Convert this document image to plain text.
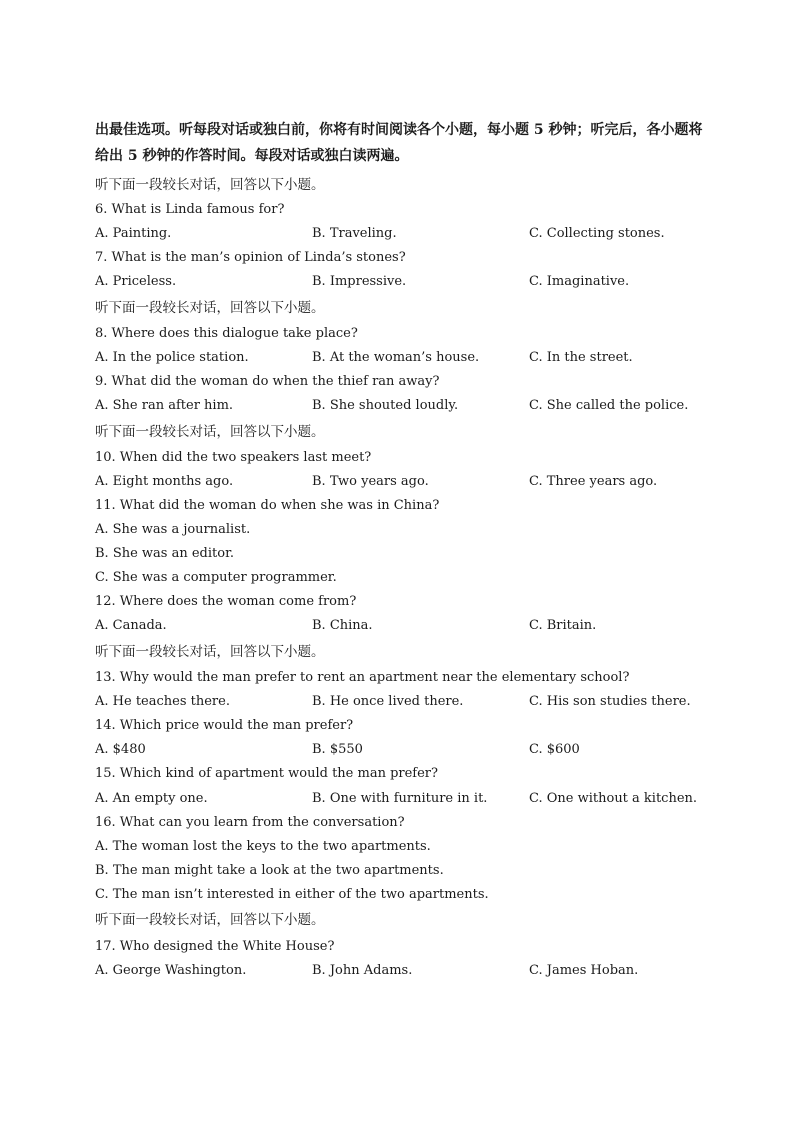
出最佳选项。听每段对话或独白前，你将有时间阅读各个小题，每小题 5 秒钟；听完后，各小题将
给出 5 秒钟的作答时间。每段对话或独白读两遍。
听下面一段较长对话，回答以下小题。
6. What is Linda famous for?
A. Painting.	B. Traveling.	C. Collecting stones.
7. What is the man’s opinion of Linda’s stones?
A. Priceless.	B. Impressive.	C. Imaginative.
听下面一段较长对话，回答以下小题。
8. Where does this dialogue take place?
A. In the police station.	B. At the woman’s house.	C. In the street.
9. What did the woman do when the thief ran away?
A. She ran after him.	B. She shouted loudly.	C. She called the police.
听下面一段较长对话，回答以下小题。
10. When did the two speakers last meet?
A. Eight months ago.	B. Two years ago.	C. Three years ago.
11. What did the woman do when she was in China?
A. She was a journalist.
B. She was an editor.
C. She was a computer programmer.
12. Where does the woman come from?
A. Canada.	B. China.	C. Britain.
听下面一段较长对话，回答以下小题。
13. Why would the man prefer to rent an apartment near the elementary school?
A. He teaches there.	B. He once lived there.	C. His son studies there.
14. Which price would the man prefer?
A. $480	B. $550	C. $600
15. Which kind of apartment would the man prefer?
A. An empty one.	B. One with furniture in it.	C. One without a kitchen.
16. What can you learn from the conversation?
A. The woman lost the keys to the two apartments.
B. The man might take a look at the two apartments.
C. The man isn’t interested in either of the two apartments.
听下面一段较长对话，回答以下小题。
17. Who designed the White House?
A. George Washington.	B. John Adams.	C. James Hoban.
